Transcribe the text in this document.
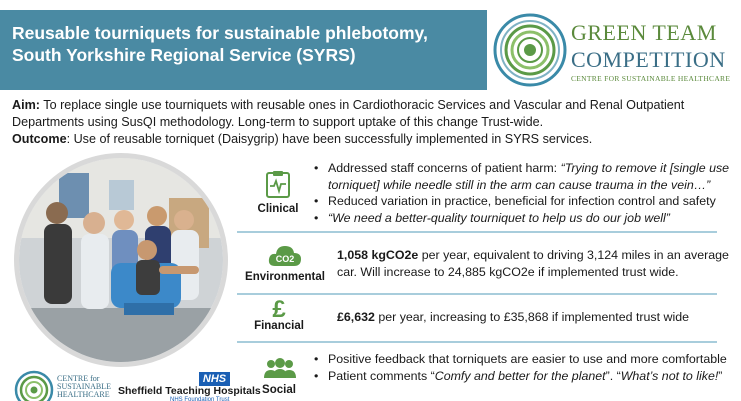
Reusable tourniquets for sustainable phlebotomy,
South Yorkshire Regional Service (SYRS)
GREEN TEAM
COMPETITION
CENTRE FOR SUSTAINABLE HEALTHCARE
Aim: To replace single use tourniquets with reusable ones in Cardiothoracic Services and Vascular and Renal Outpatient Departments using SusQI methodology. Long-term to support uptake of this change Trust-wide.
Outcome: Use of reusable torniquet (Daisygrip) have been successfully implemented in SYRS services.
Clinical
• Addressed staff concerns of patient harm: “Trying to remove it [single use torniquet] while needle still in the arm can cause trauma in the vein…”
• Reduced variation in practice, beneficial for infection control and safety
• “We need a better-quality tourniquet to help us do our job well”
CO2
Environmental
1,058 kgCO2e per year, equivalent to driving 3,124 miles in an average car. Will increase to 24,885 kgCO2e if implemented trust wide.
£
Financial
£6,632 per year, increasing to £35,868 if implemented trust wide
Social
• Positive feedback that torniquets are easier to use and more comfortable
• Patient comments “Comfy and better for the planet”. “What’s not to like!”
CENTRE for
SUSTAINABLE
HEALTHCARE
NHS
Sheffield Teaching Hospitals
NHS Foundation Trust
